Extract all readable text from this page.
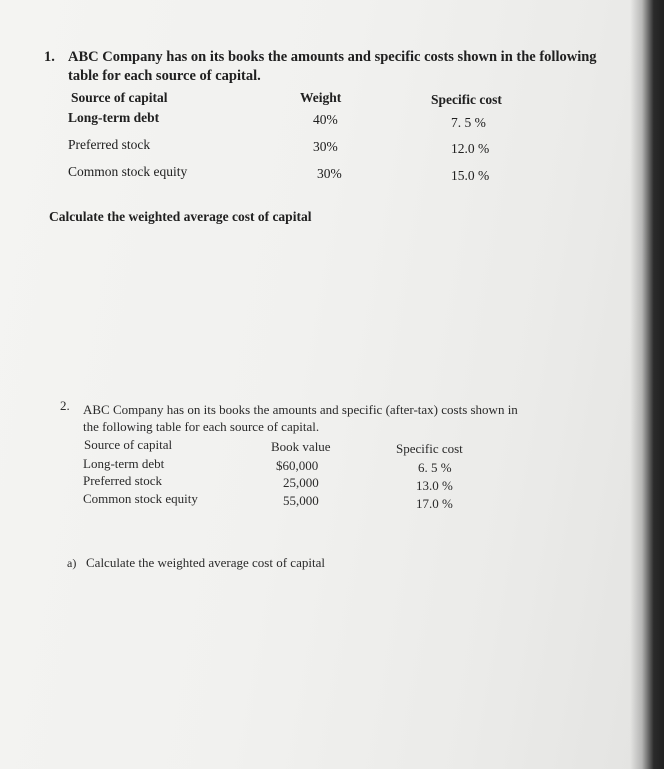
1. ABC Company has on its books the amounts and specific costs shown in the following
table for each source of capital.
Source of capital	Weight	Specific cost
Long-term debt	40%	7. 5 %
Preferred stock	30%	12.0 %
Common stock equity	30%	15.0 %
Calculate the weighted average cost of capital
2. ABC Company has on its books the amounts and specific (after-tax) costs shown in
the following table for each source of capital.
Source of capital	Book value	Specific cost
Long-term debt	$60,000	6. 5 %
Preferred stock	25,000	13.0 %
Common stock equity	55,000	17.0 %
a) Calculate the weighted average cost of capital
